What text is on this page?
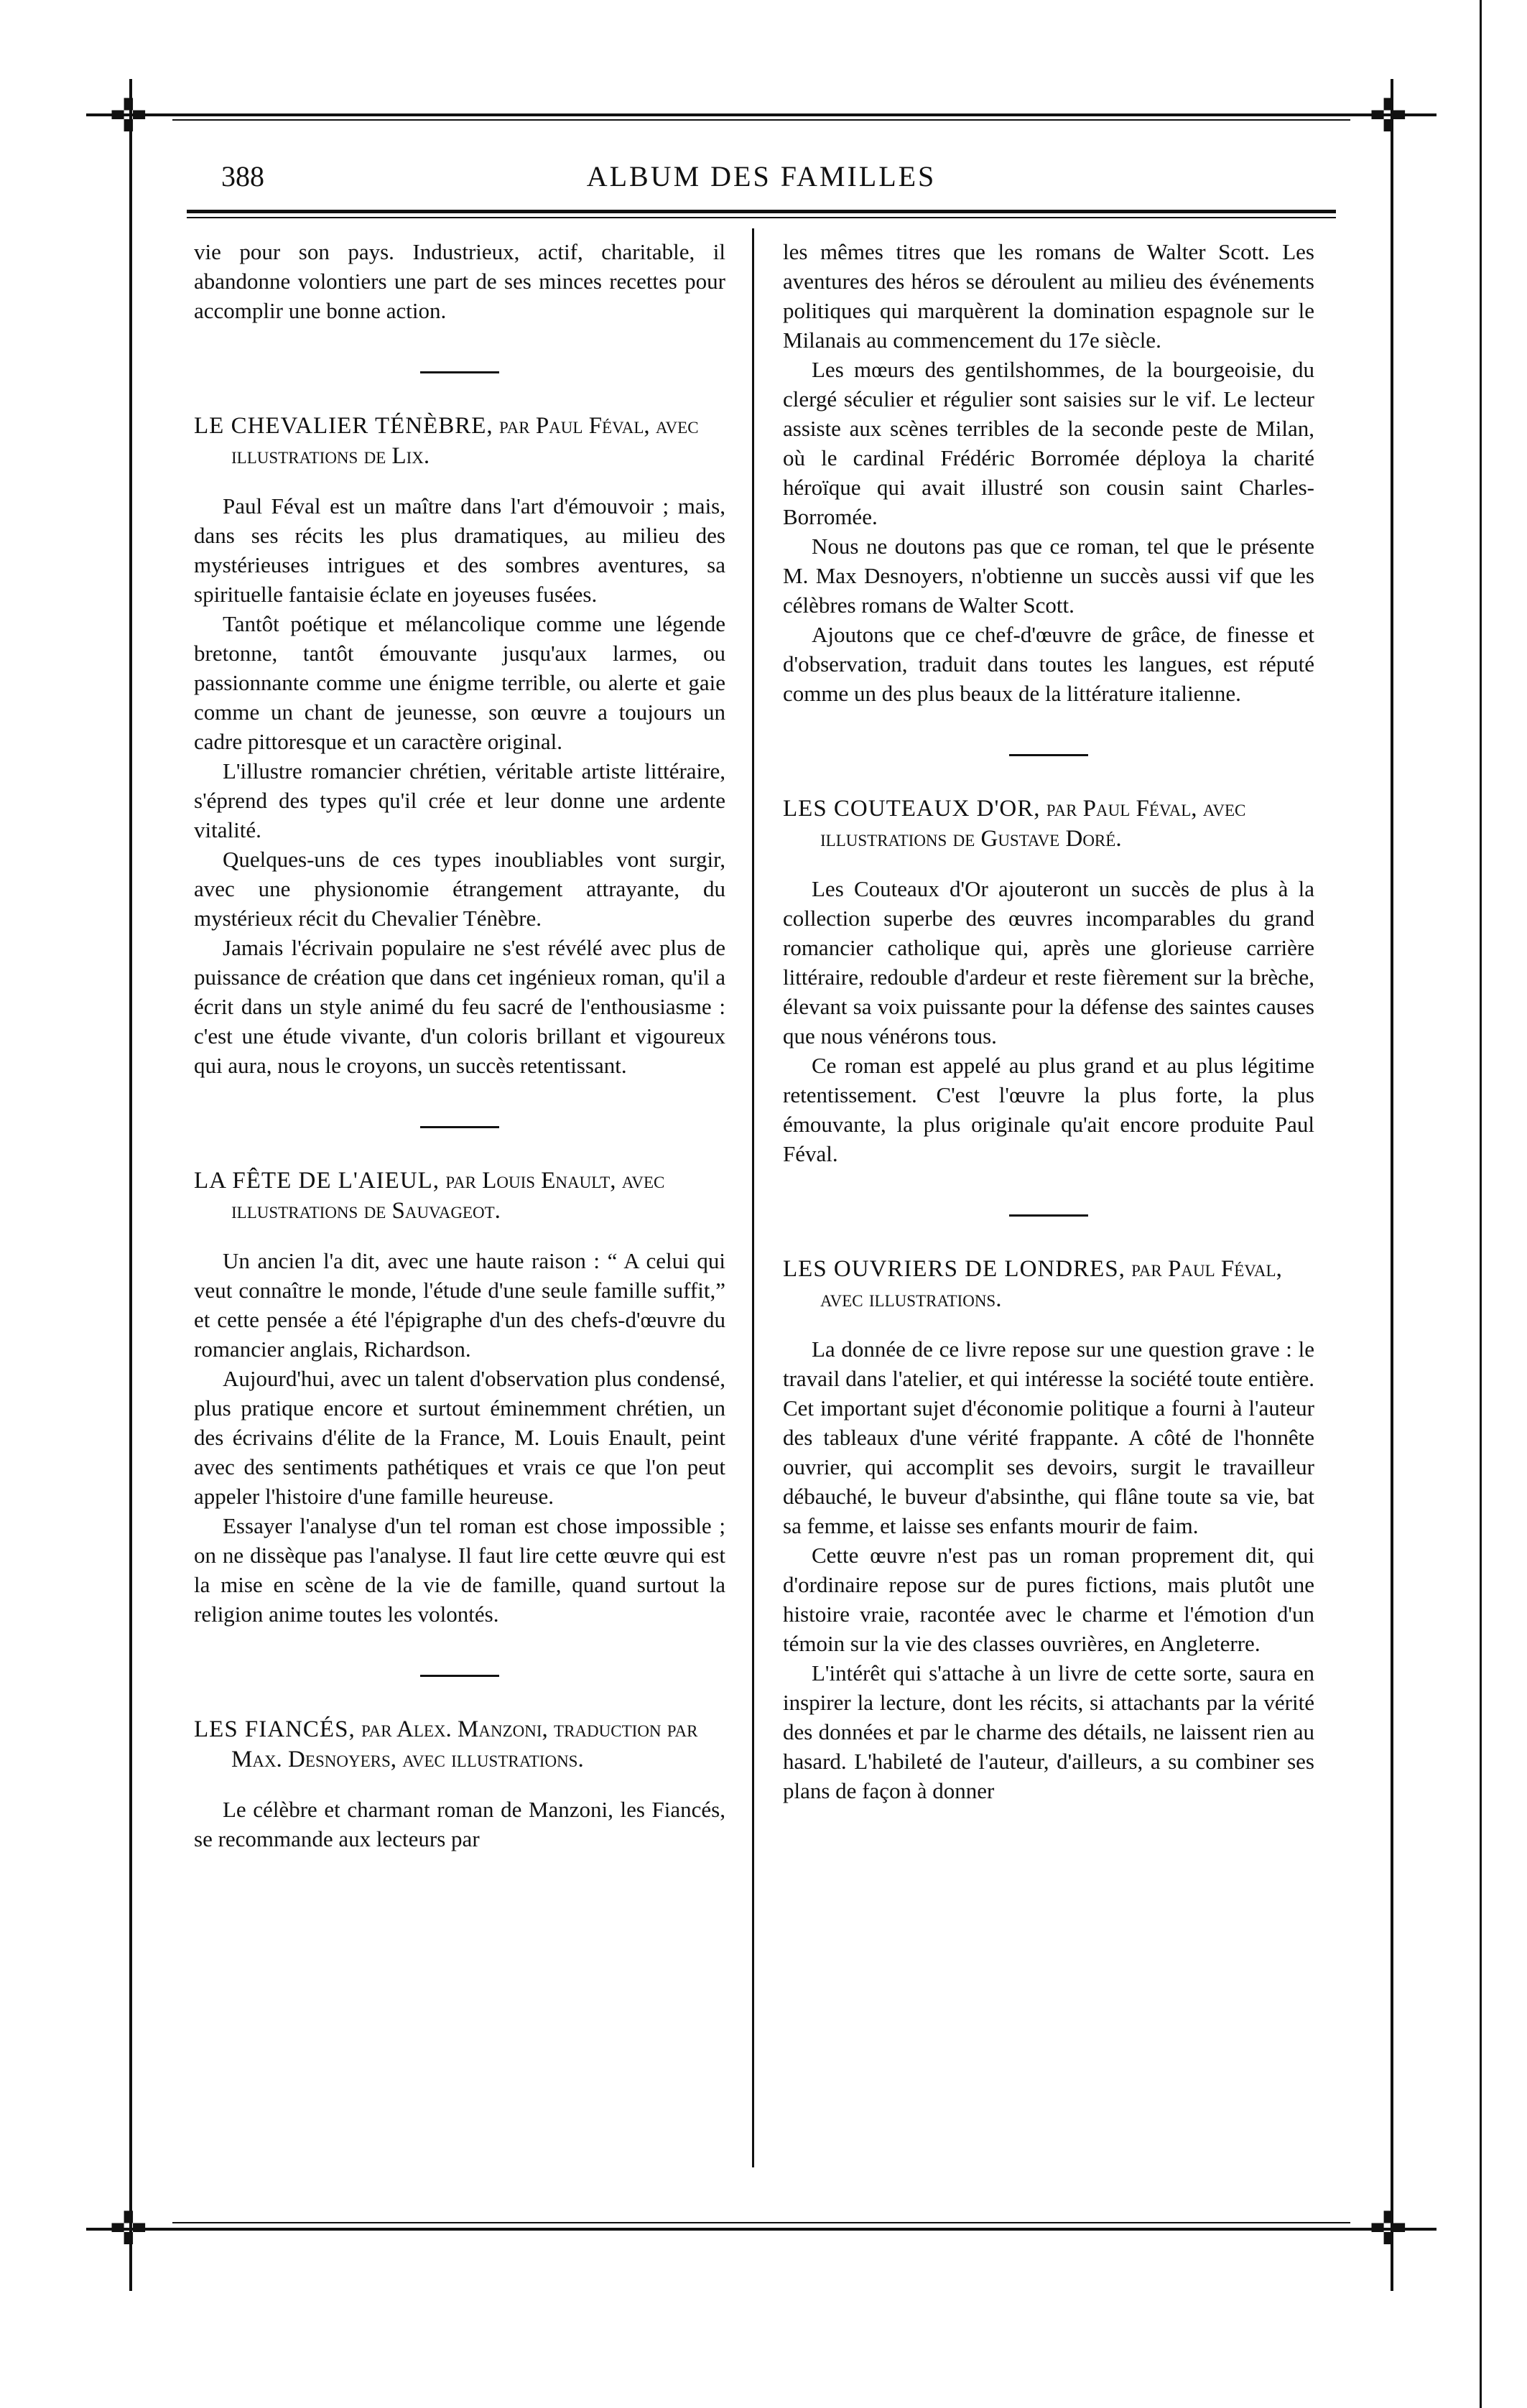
✜	✜
✜	✜
388	ALBUM DES FAMILLES

vie pour son pays. Industrieux, actif, charitable, il abandonne volontiers une part de ses minces recettes pour accomplir une bonne action.

LE CHEVALIER TÉNÈBRE, par Paul Féval, avec illustrations de Lix.

Paul Féval est un maître dans l'art d'émouvoir ; mais, dans ses récits les plus dramatiques, au milieu des mystérieuses intrigues et des sombres aventures, sa spirituelle fantaisie éclate en joyeuses fusées.

Tantôt poétique et mélancolique comme une légende bretonne, tantôt émouvante jusqu'aux larmes, ou passionnante comme une énigme terrible, ou alerte et gaie comme un chant de jeunesse, son œuvre a toujours un cadre pittoresque et un caractère original.

L'illustre romancier chrétien, véritable artiste littéraire, s'éprend des types qu'il crée et leur donne une ardente vitalité.

Quelques-uns de ces types inoubliables vont surgir, avec une physionomie étrangement attrayante, du mystérieux récit du Chevalier Ténèbre.

Jamais l'écrivain populaire ne s'est révélé avec plus de puissance de création que dans cet ingénieux roman, qu'il a écrit dans un style animé du feu sacré de l'enthousiasme : c'est une étude vivante, d'un coloris brillant et vigoureux qui aura, nous le croyons, un succès retentissant.

LA FÊTE DE L'AIEUL, par Louis Enault, avec illustrations de Sauvageot.

Un ancien l'a dit, avec une haute raison : “ A celui qui veut connaître le monde, l'étude d'une seule famille suffit,” et cette pensée a été l'épigraphe d'un des chefs-d'œuvre du romancier anglais, Richardson.

Aujourd'hui, avec un talent d'observation plus condensé, plus pratique encore et surtout éminemment chrétien, un des écrivains d'élite de la France, M. Louis Enault, peint avec des sentiments pathétiques et vrais ce que l'on peut appeler l'histoire d'une famille heureuse.

Essayer l'analyse d'un tel roman est chose impossible ; on ne dissèque pas l'analyse. Il faut lire cette œuvre qui est la mise en scène de la vie de famille, quand surtout la religion anime toutes les volontés.

LES FIANCÉS, par Alex. Manzoni, traduction par Max. Desnoyers, avec illustrations.

Le célèbre et charmant roman de Manzoni, les Fiancés, se recommande aux lecteurs par

les mêmes titres que les romans de Walter Scott. Les aventures des héros se déroulent au milieu des événements politiques qui marquèrent la domination espagnole sur le Milanais au commencement du 17e siècle.

Les mœurs des gentilshommes, de la bourgeoisie, du clergé séculier et régulier sont saisies sur le vif. Le lecteur assiste aux scènes terribles de la seconde peste de Milan, où le cardinal Frédéric Borromée déploya la charité héroïque qui avait illustré son cousin saint Charles-Borromée.

Nous ne doutons pas que ce roman, tel que le présente M. Max Desnoyers, n'obtienne un succès aussi vif que les célèbres romans de Walter Scott.

Ajoutons que ce chef-d'œuvre de grâce, de finesse et d'observation, traduit dans toutes les langues, est réputé comme un des plus beaux de la littérature italienne.

LES COUTEAUX D'OR, par Paul Féval, avec illustrations de Gustave Doré.

Les Couteaux d'Or ajouteront un succès de plus à la collection superbe des œuvres incomparables du grand romancier catholique qui, après une glorieuse carrière littéraire, redouble d'ardeur et reste fièrement sur la brèche, élevant sa voix puissante pour la défense des saintes causes que nous vénérons tous.

Ce roman est appelé au plus grand et au plus légitime retentissement. C'est l'œuvre la plus forte, la plus émouvante, la plus originale qu'ait encore produite Paul Féval.

LES OUVRIERS DE LONDRES, par Paul Féval, avec illustrations.

La donnée de ce livre repose sur une question grave : le travail dans l'atelier, et qui intéresse la société toute entière. Cet important sujet d'économie politique a fourni à l'auteur des tableaux d'une vérité frappante. A côté de l'honnête ouvrier, qui accomplit ses devoirs, surgit le travailleur débauché, le buveur d'absinthe, qui flâne toute sa vie, bat sa femme, et laisse ses enfants mourir de faim.

Cette œuvre n'est pas un roman proprement dit, qui d'ordinaire repose sur de pures fictions, mais plutôt une histoire vraie, racontée avec le charme et l'émotion d'un témoin sur la vie des classes ouvrières, en Angleterre.

L'intérêt qui s'attache à un livre de cette sorte, saura en inspirer la lecture, dont les récits, si attachants par la vérité des données et par le charme des détails, ne laissent rien au hasard. L'habileté de l'auteur, d'ailleurs, a su combiner ses plans de façon à donner
